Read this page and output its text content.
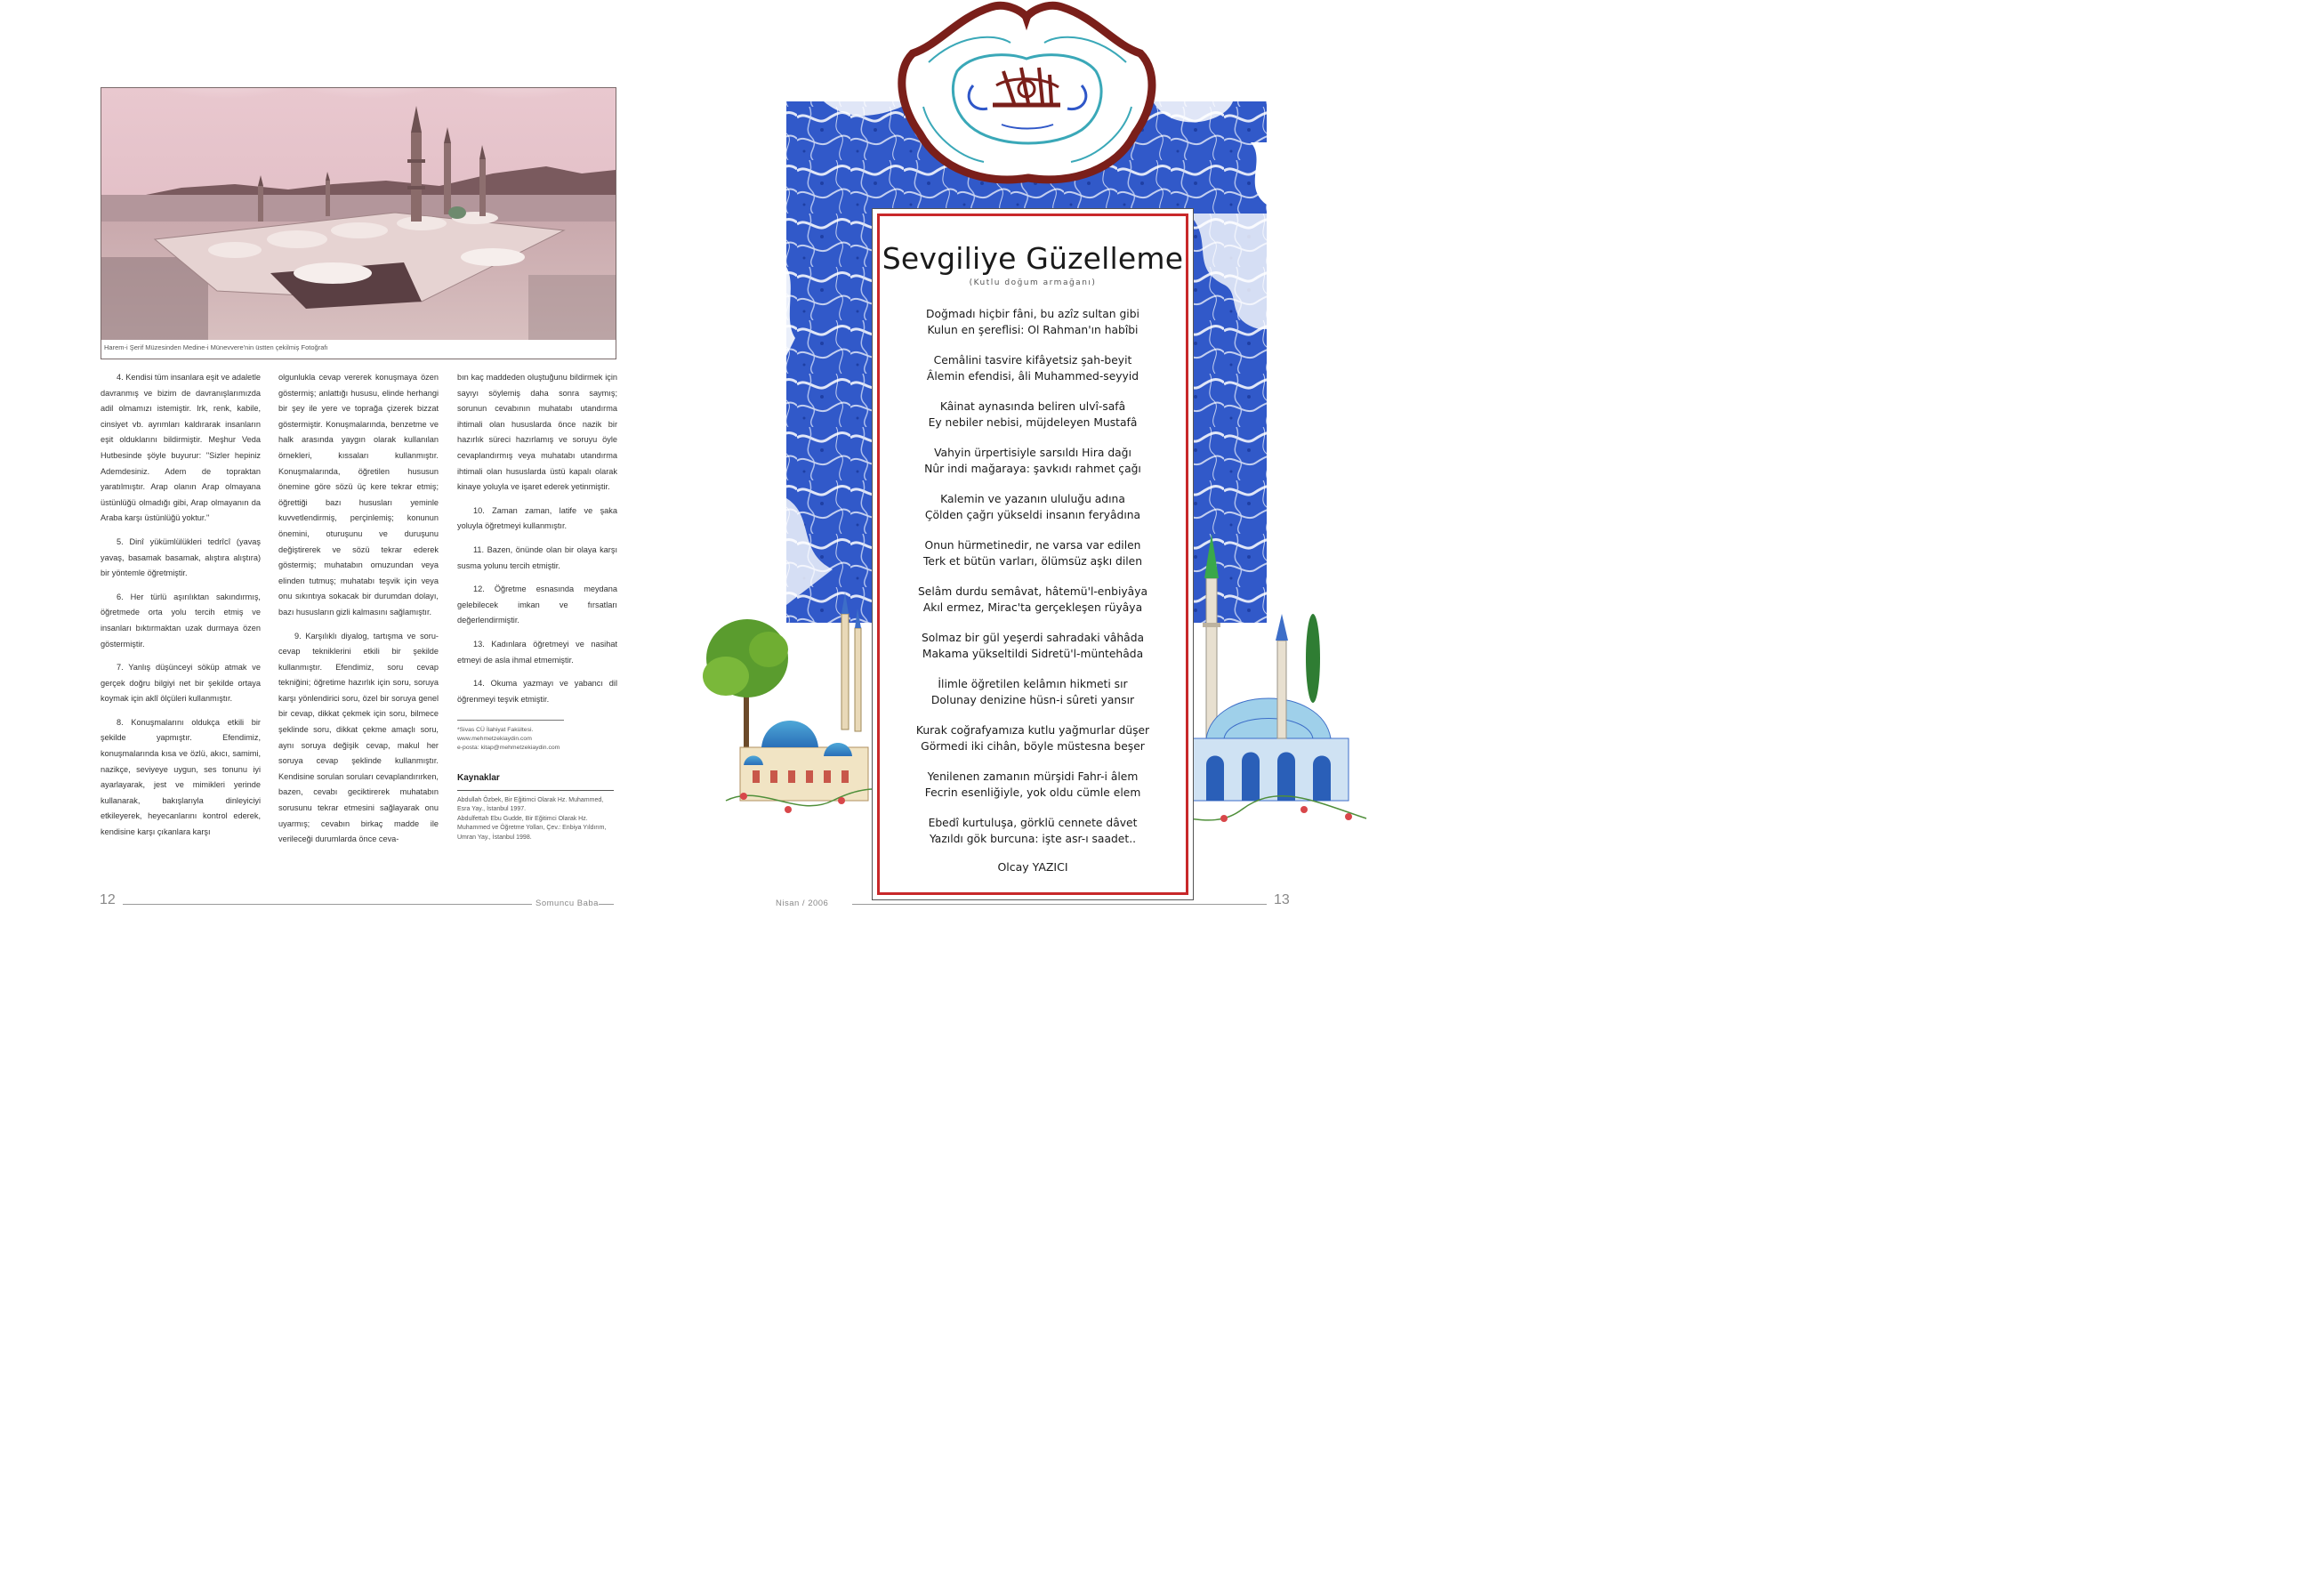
Harem-i Şerif Müzesinden Medine-i Münevvere'nin üstten çekilmiş Fotoğrafı

4. Kendisi tüm insanlara eşit ve adaletle davranmış ve bizim de davranışlarımızda adil olmamızı istemiştir. Irk, renk, kabile, cinsiyet vb. ayrımları kaldırarak insanların eşit olduklarını bildirmiştir. Meşhur Veda Hutbesinde şöyle buyurur: "Sizler hepiniz Ademdesiniz. Adem de topraktan yaratılmıştır. Arap olanın Arap olmayana üstünlüğü olmadığı gibi, Arap olmayanın da Araba karşı üstünlüğü yoktur."

5. Dinî yükümlülükleri tedrîcî (yavaş yavaş, basamak basamak, alıştıra alıştıra) bir yöntemle öğretmiştir.

6. Her türlü aşırılıktan sakındırmış, öğretmede orta yolu tercih etmiş ve insanları bıktırmaktan uzak durmaya özen göstermiştir.

7. Yanlış düşünceyi söküp atmak ve gerçek doğru bilgiyi net bir şekilde ortaya koymak için aklî ölçüleri kullanmıştır.

8. Konuşmalarını oldukça etkili bir şekilde yapmıştır. Efendimiz, konuşmalarında kısa ve özlü, akıcı, samimi, nazikçe, seviyeye uygun, ses tonunu iyi ayarlayarak, jest ve mimikleri yerinde kullanarak, bakışlarıyla dinleyiciyi etkileyerek, heyecanlarını kontrol ederek, kendisine karşı çıkanlara karşı

olgunlukla cevap vererek konuşmaya özen göstermiş; anlattığı hususu, elinde herhangi bir şey ile yere ve toprağa çizerek bizzat göstermiştir. Konuşmalarında, benzetme ve halk arasında yaygın olarak kullanılan örnekleri, kıssaları kullanmıştır. Konuşmalarında, öğretilen hususun önemine göre sözü üç kere tekrar etmiş; öğrettiği bazı hususları yeminle kuvvetlendirmiş, perçinlemiş; konunun önemini, oturuşunu ve duruşunu değiştirerek ve sözü tekrar ederek göstermiş; muhatabın omuzundan veya elinden tutmuş; muhatabı teşvik için veya onu sıkıntıya sokacak bir durumdan dolayı, bazı hususların gizli kalmasını sağlamıştır.

9. Karşılıklı diyalog, tartışma ve soru-cevap tekniklerini etkili bir şekilde kullanmıştır. Efendimiz, soru cevap tekniğini; öğretime hazırlık için soru, soruya karşı yönlendirici soru, özel bir soruya genel bir cevap, dikkat çekmek için soru, bilmece şeklinde soru, dikkat çekme amaçlı soru, aynı soruya değişik cevap, makul her soruya cevap şeklinde kullanmıştır. Kendisine sorulan soruları cevaplandırırken, bazen, cevabı geciktirerek muhatabın sorusunu tekrar etmesini sağlayarak onu uyarmış; cevabın birkaç madde ile verileceği durumlarda önce ceva-

bın kaç maddeden oluştuğunu bildirmek için sayıyı söylemiş daha sonra saymış; sorunun cevabının muhatabı utandırma ihtimali olan hususlarda önce nazik bir hazırlık süreci hazırlamış ve soruyu öyle cevaplandırmış veya muhatabı utandırma ihtimali olan hususlarda üstü kapalı olarak kinaye yoluyla ve işaret ederek yetinmiştir.

10. Zaman zaman, latife ve şaka yoluyla öğretmeyi kullanmıştır.

11. Bazen, önünde olan bir olaya karşı susma yolunu tercih etmiştir.

12. Öğretme esnasında meydana gelebilecek imkan ve fırsatları değerlendirmiştir.

13. Kadınlara öğretmeyi ve nasihat etmeyi de asla ihmal etmemiştir.

14. Okuma yazmayı ve yabancı dil öğrenmeyi teşvik etmiştir.

*Sivas CÜ İlahiyat Fakültesi.
www.mehmetzekiaydin.com
e-posta: kitap@mehmetzekiaydin.com
Kaynaklar
Abdullah Özbek, Bir Eğitimci Olarak Hz. Muhammed, Esra Yay., İstanbul 1997.
Abdulfettah Ebu Gudde, Bir Eğitimci Olarak Hz. Muhammed ve Öğretme Yolları, Çev.: Enbiya Yıldırım, Umran Yay., İstanbul 1998.
12	Somuncu Baba
Sevgiliye Güzelleme
(Kutlu doğum armağanı)
Doğmadı hiçbir fâni, bu azîz sultan gibi
Kulun en şereflisi: Ol Rahman'ın habîbi
Cemâlini tasvire kifâyetsiz şah-beyit
Âlemin efendisi, âli Muhammed-seyyid
Kâinat aynasında beliren ulvî-safâ
Ey nebiler nebisi, müjdeleyen Mustafâ
Vahyin ürpertisiyle sarsıldı Hira dağı
Nûr indi mağaraya: şavkıdı rahmet çağı
Kalemin ve yazanın ululuğu adına
Çölden çağrı yükseldi insanın feryâdına
Onun hürmetinedir, ne varsa var edilen
Terk et bütün varları, ölümsüz aşkı dilen
Selâm durdu semâvat, hâtemü'l-enbiyâya
Akıl ermez, Mirac'ta gerçekleşen rüyâya
Solmaz bir gül yeşerdi sahradaki vâhâda
Makama yükseltildi Sidretü'l-müntehâda
İlimle öğretilen kelâmın hikmeti sır
Dolunay denizine hüsn-i sûreti yansır
Kurak coğrafyamıza kutlu yağmurlar düşer
Görmedi iki cihân, böyle müstesna beşer
Yenilenen zamanın mürşidi Fahr-i âlem
Fecrin esenliğiyle, yok oldu cümle elem
Ebedî kurtuluşa, görklü cennete dâvet
Yazıldı gök burcuna: işte asr-ı saadet..
Olcay YAZICI
Nisan / 2006	13
